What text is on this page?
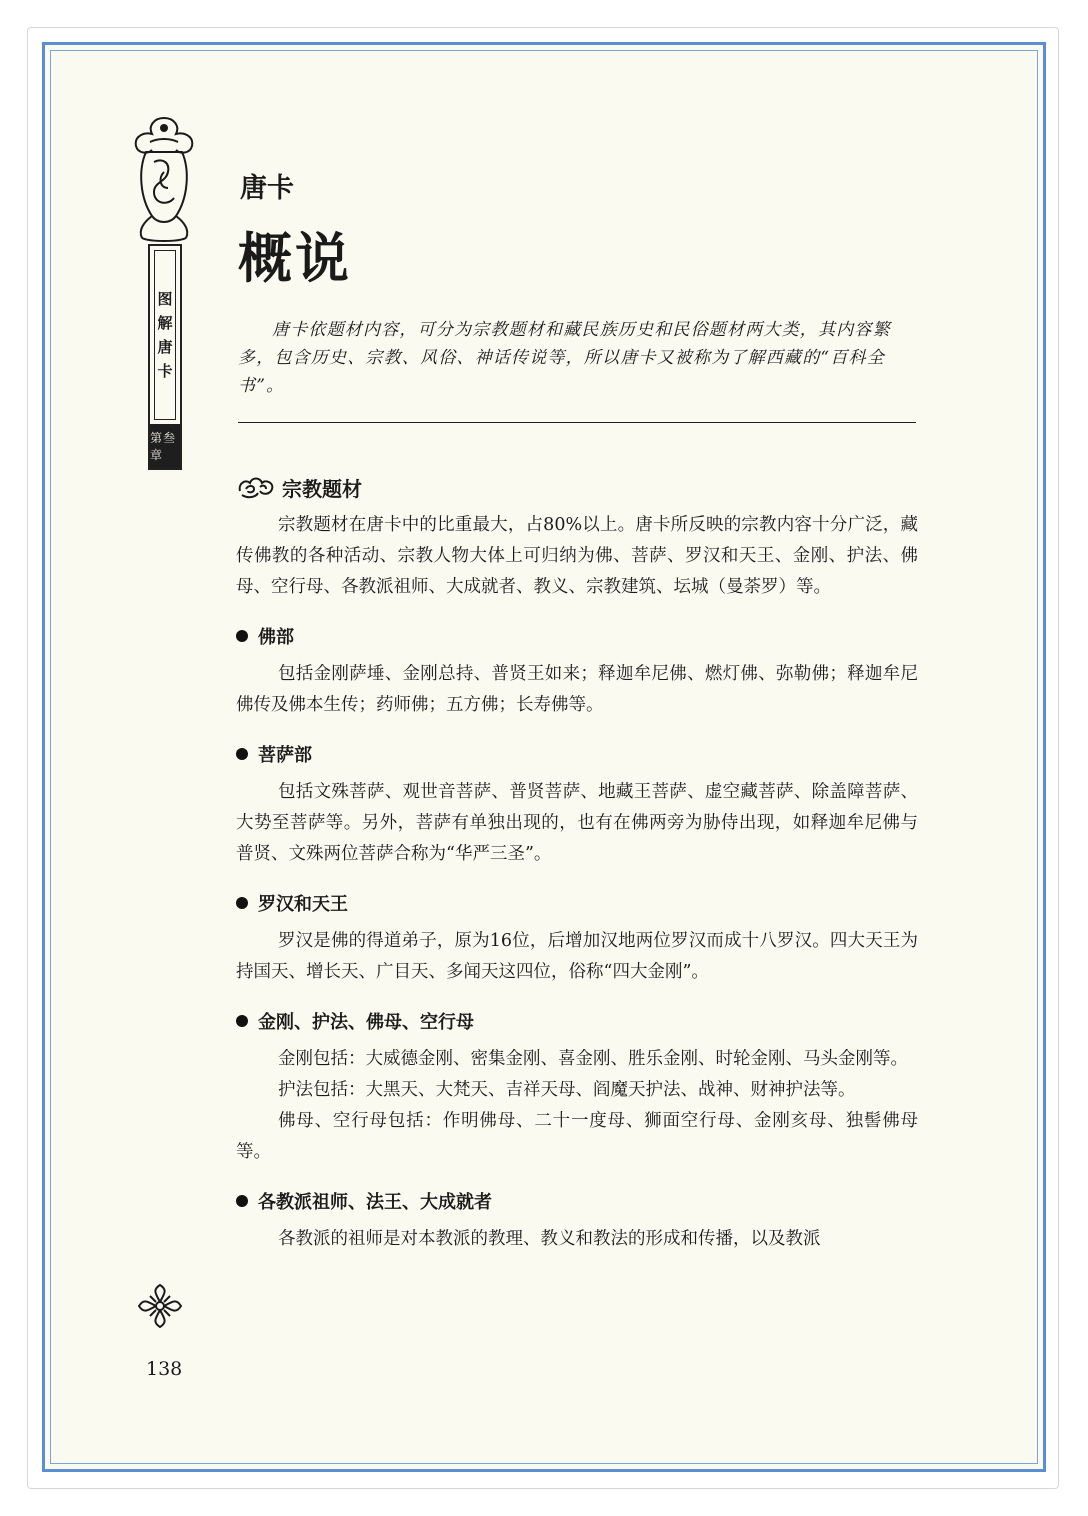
图
解
唐
卡
第叁章
唐卡
概说

唐卡依题材内容，可分为宗教题材和藏民族历史和民俗题材两大类，其内容繁多，包含历史、宗教、风俗、神话传说等，所以唐卡又被称为了解西藏的“百科全书”。

宗教题材

宗教题材在唐卡中的比重最大，占80%以上。唐卡所反映的宗教内容十分广泛，藏传佛教的各种活动、宗教人物大体上可归纳为佛、菩萨、罗汉和天王、金刚、护法、佛母、空行母、各教派祖师、大成就者、教义、宗教建筑、坛城（曼荼罗）等。

佛部

包括金刚萨埵、金刚总持、普贤王如来；释迦牟尼佛、燃灯佛、弥勒佛；释迦牟尼佛传及佛本生传；药师佛；五方佛；长寿佛等。

菩萨部

包括文殊菩萨、观世音菩萨、普贤菩萨、地藏王菩萨、虚空藏菩萨、除盖障菩萨、大势至菩萨等。另外，菩萨有单独出现的，也有在佛两旁为胁侍出现，如释迦牟尼佛与普贤、文殊两位菩萨合称为“华严三圣”。

罗汉和天王

罗汉是佛的得道弟子，原为16位，后增加汉地两位罗汉而成十八罗汉。四大天王为持国天、增长天、广目天、多闻天这四位，俗称“四大金刚”。

金刚、护法、佛母、空行母

金刚包括：大威德金刚、密集金刚、喜金刚、胜乐金刚、时轮金刚、马头金刚等。

护法包括：大黑天、大梵天、吉祥天母、阎魔天护法、战神、财神护法等。

佛母、空行母包括：作明佛母、二十一度母、狮面空行母、金刚亥母、独髻佛母等。

各教派祖师、法王、大成就者

各教派的祖师是对本教派的教理、教义和教法的形成和传播，以及教派

138
